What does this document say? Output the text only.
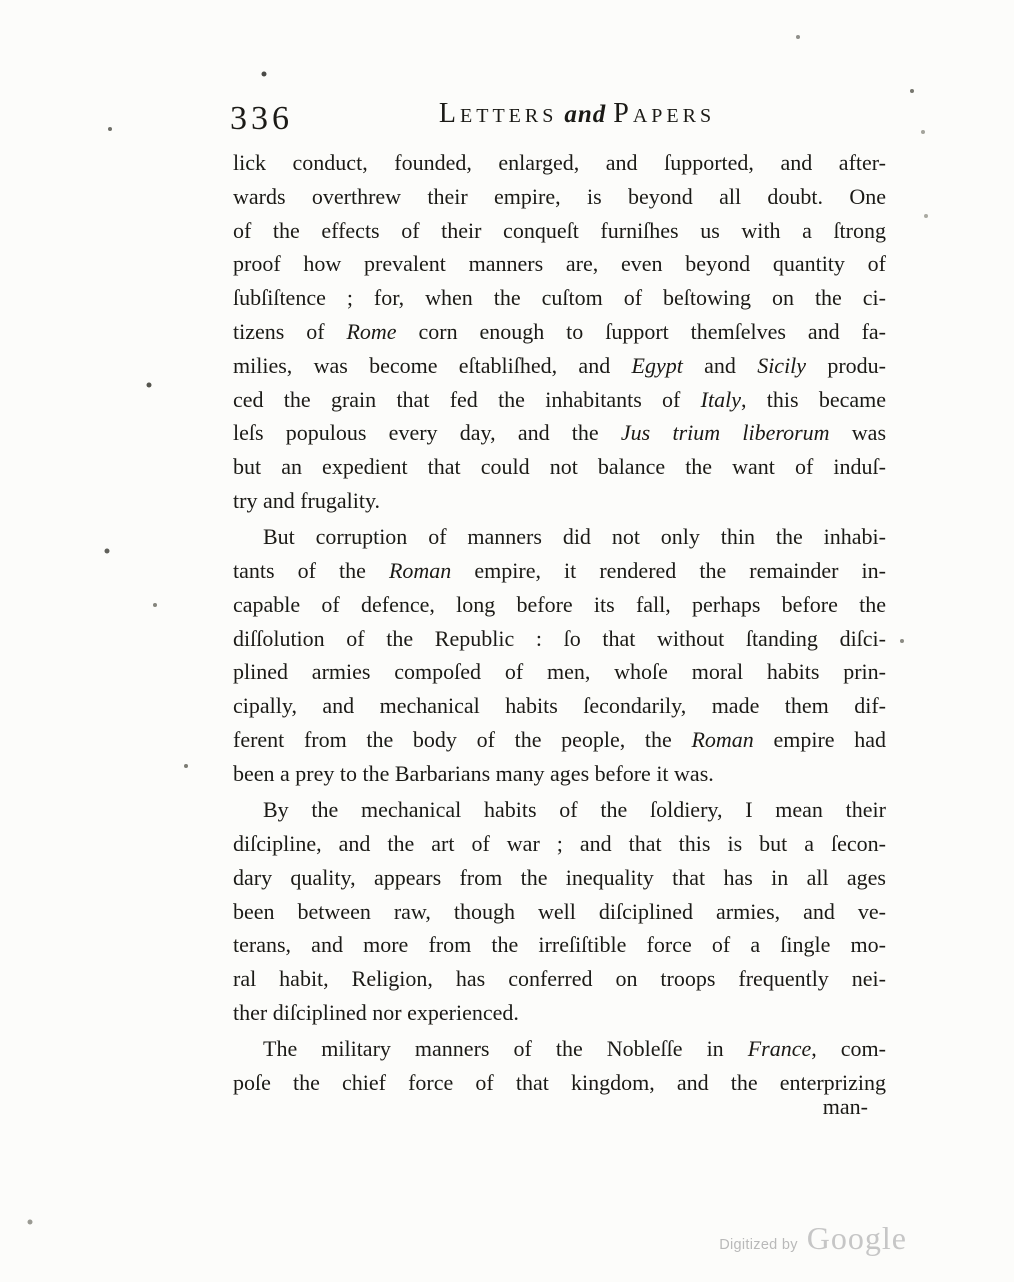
336	Letters and Papers
lick conduct, founded, enlarged, and ſupported, and after-
wards overthrew their empire, is beyond all doubt. One
of the effects of their conqueſt furniſhes us with a ſtrong
proof how prevalent manners are, even beyond quantity of
ſubſiſtence ; for, when the cuſtom of beſtowing on the ci-
tizens of Rome corn enough to ſupport themſelves and fa-
milies, was become eſtabliſhed, and Egypt and Sicily produ-
ced the grain that fed the inhabitants of Italy, this became
leſs populous every day, and the Jus trium liberorum was
but an expedient that could not balance the want of induſ-
try and frugality.
But corruption of manners did not only thin the inhabi-
tants of the Roman empire, it rendered the remainder in-
capable of defence, long before its fall, perhaps before the
diſſolution of the Republic : ſo that without ſtanding diſci-
plined armies compoſed of men, whoſe moral habits prin-
cipally, and mechanical habits ſecondarily, made them dif-
ferent from the body of the people, the Roman empire had
been a prey to the Barbarians many ages before it was.
By the mechanical habits of the ſoldiery, I mean their
diſcipline, and the art of war ; and that this is but a ſecon-
dary quality, appears from the inequality that has in all ages
been between raw, though well diſciplined armies, and ve-
terans, and more from the irreſiſtible force of a ſingle mo-
ral habit, Religion, has conferred on troops frequently nei-
ther diſciplined nor experienced.
The military manners of the Nobleſſe in France, com-
poſe the chief force of that kingdom, and the enterprizing
man-
Digitized by Google
